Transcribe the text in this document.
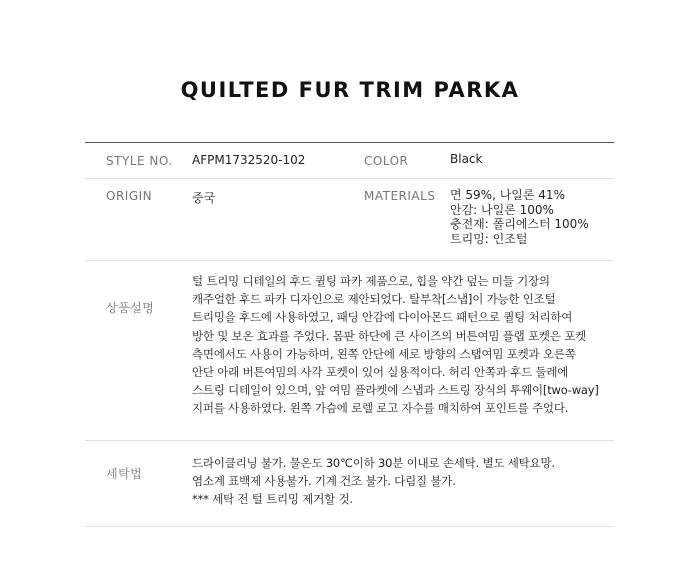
QUILTED FUR TRIM PARKA
STYLE NO. AFPM1732520-102	COLOR	Black
ORIGIN	중국	MATERIALS 면 59%, 나일론 41%
안감: 나일론 100%
충전재: 폴리에스터 100%
트리밍: 인조털
상품설명
털 트리밍 디테일의 후드 퀼팅 파카 제품으로, 힙을 약간 덮는 미들 기장의
캐주얼한 후드 파카 디자인으로 제안되었다. 탈부착[스냅]이 가능한 인조털
트리밍을 후드에 사용하였고, 패딩 안감에 다이아몬드 패턴으로 퀼팅 처리하여
방한 및 보온 효과를 주었다. 몸판 하단에 큰 사이즈의 버튼여밈 플랩 포켓은 포켓
측면에서도 사용이 가능하며, 왼쪽 안단에 세로 방향의 스탭여밈 포켓과 오른쪽
안단 아래 버튼여밈의 사각 포켓이 있어 실용적이다. 허리 안쪽과 후드 둘레에
스트링 디테일이 있으며, 앞 여밈 플라켓에 스냅과 스트링 장식의 투웨이[two-way]
지퍼를 사용하였다. 왼쪽 가슴에 로렐 로고 자수를 매치하여 포인트를 주었다.
세탁법
드라이클리닝 불가. 물온도 30℃이하 30분 이내로 손세탁. 별도 세탁요망.
염소계 표백제 사용불가. 기계 건조 불가. 다림질 불가.
*** 세탁 전 털 트리밍 제거할 것.
